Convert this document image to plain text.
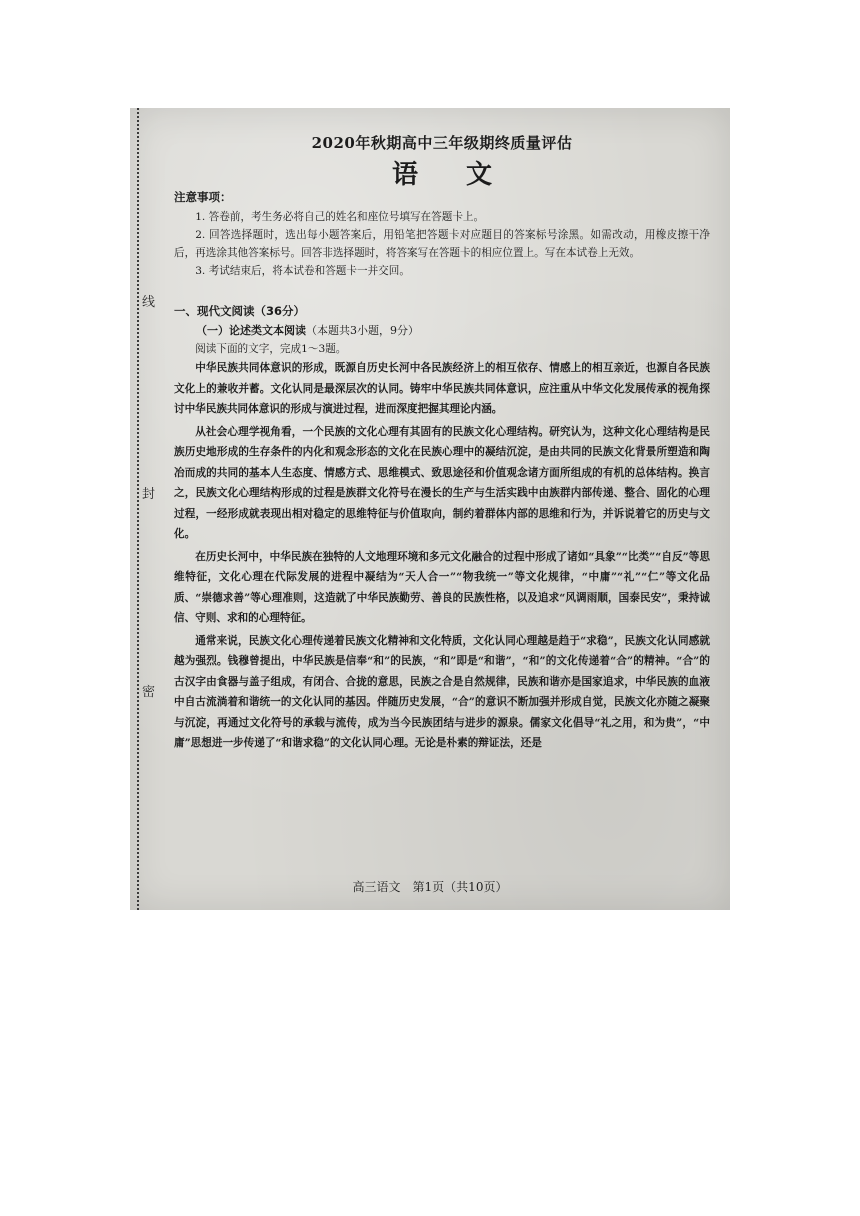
线
封
密
2020年秋期高中三年级期终质量评估
语文
注意事项：

1. 答卷前，考生务必将自己的姓名和座位号填写在答题卡上。

2. 回答选择题时，选出每小题答案后，用铅笔把答题卡对应题目的答案标号涂黑。如需改动，用橡皮擦干净后，再选涂其他答案标号。回答非选择题时，将答案写在答题卡的相应位置上。写在本试卷上无效。

3. 考试结束后，将本试卷和答题卡一并交回。

一、现代文阅读（36分）
（一）论述类文本阅读（本题共3小题，9分）

阅读下面的文字，完成1～3题。

中华民族共同体意识的形成，既源自历史长河中各民族经济上的相互依存、情感上的相互亲近，也源自各民族文化上的兼收并蓄。文化认同是最深层次的认同。铸牢中华民族共同体意识，应注重从中华文化发展传承的视角探讨中华民族共同体意识的形成与演进过程，进而深度把握其理论内涵。

从社会心理学视角看，一个民族的文化心理有其固有的民族文化心理结构。研究认为，这种文化心理结构是民族历史地形成的生存条件的内化和观念形态的文化在民族心理中的凝结沉淀，是由共同的民族文化背景所塑造和陶冶而成的共同的基本人生态度、情感方式、思维模式、致思途径和价值观念诸方面所组成的有机的总体结构。换言之，民族文化心理结构形成的过程是族群文化符号在漫长的生产与生活实践中由族群内部传递、整合、固化的心理过程，一经形成就表现出相对稳定的思维特征与价值取向，制约着群体内部的思维和行为，并诉说着它的历史与文化。

在历史长河中，中华民族在独特的人文地理环境和多元文化融合的过程中形成了诸如“具象”“比类”“自反”等思维特征，文化心理在代际发展的进程中凝结为“天人合一”“物我统一”等文化规律，“中庸”“礼”“仁”等文化品质、“崇德求善”等心理准则，这造就了中华民族勤劳、善良的民族性格，以及追求“风调雨顺，国泰民安”，秉持诚信、守则、求和的心理特征。

通常来说，民族文化心理传递着民族文化精神和文化特质，文化认同心理越是趋于“求稳”，民族文化认同感就越为强烈。钱穆曾提出，中华民族是信奉“和”的民族，“和”即是“和谐”，“和”的文化传递着“合”的精神。“合”的古汉字由食器与盖子组成，有闭合、合拢的意思，民族之合是自然规律，民族和谐亦是国家追求，中华民族的血液中自古流淌着和谐统一的文化认同的基因。伴随历史发展，“合”的意识不断加强并形成自觉，民族文化亦随之凝聚与沉淀，再通过文化符号的承载与流传，成为当今民族团结与进步的源泉。儒家文化倡导“礼之用，和为贵”，“中庸”思想进一步传递了“和谐求稳”的文化认同心理。无论是朴素的辩证法，还是

高三语文　第1页（共10页）
